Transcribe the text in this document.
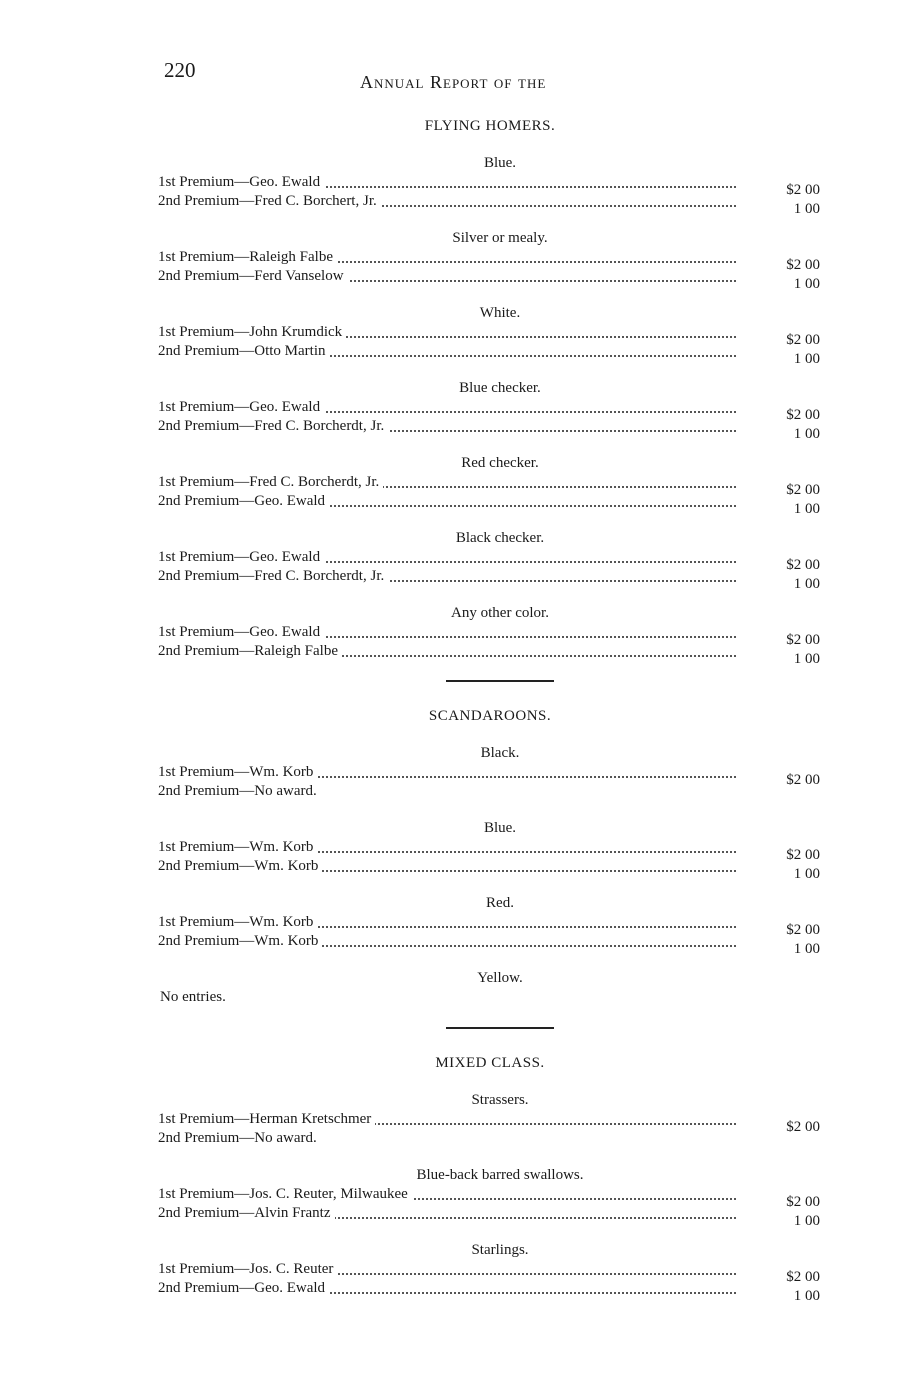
220	Annual Report of the
FLYING HOMERS.
Blue.
1st Premium—Geo. Ewald	$2 00
2nd Premium—Fred C. Borchert, Jr.	1 00
Silver or mealy.
1st Premium—Raleigh Falbe	$2 00
2nd Premium—Ferd Vanselow	1 00
White.
1st Premium—John Krumdick	$2 00
2nd Premium—Otto Martin	1 00
Blue checker.
1st Premium—Geo. Ewald	$2 00
2nd Premium—Fred C. Borcherdt, Jr.	1 00
Red checker.
1st Premium—Fred C. Borcherdt, Jr.	$2 00
2nd Premium—Geo. Ewald	1 00
Black checker.
1st Premium—Geo. Ewald	$2 00
2nd Premium—Fred C. Borcherdt, Jr.	1 00
Any other color.
1st Premium—Geo. Ewald	$2 00
2nd Premium—Raleigh Falbe	1 00
SCANDAROONS.
Black.
1st Premium—Wm. Korb	$2 00
2nd Premium—No award.
Blue.
1st Premium—Wm. Korb	$2 00
2nd Premium—Wm. Korb	1 00
Red.
1st Premium—Wm. Korb	$2 00
2nd Premium—Wm. Korb	1 00
Yellow.
No entries.
MIXED CLASS.
Strassers.
1st Premium—Herman Kretschmer	$2 00
2nd Premium—No award.
Blue-back barred swallows.
1st Premium—Jos. C. Reuter, Milwaukee	$2 00
2nd Premium—Alvin Frantz	1 00
Starlings.
1st Premium—Jos. C. Reuter	$2 00
2nd Premium—Geo. Ewald	1 00
